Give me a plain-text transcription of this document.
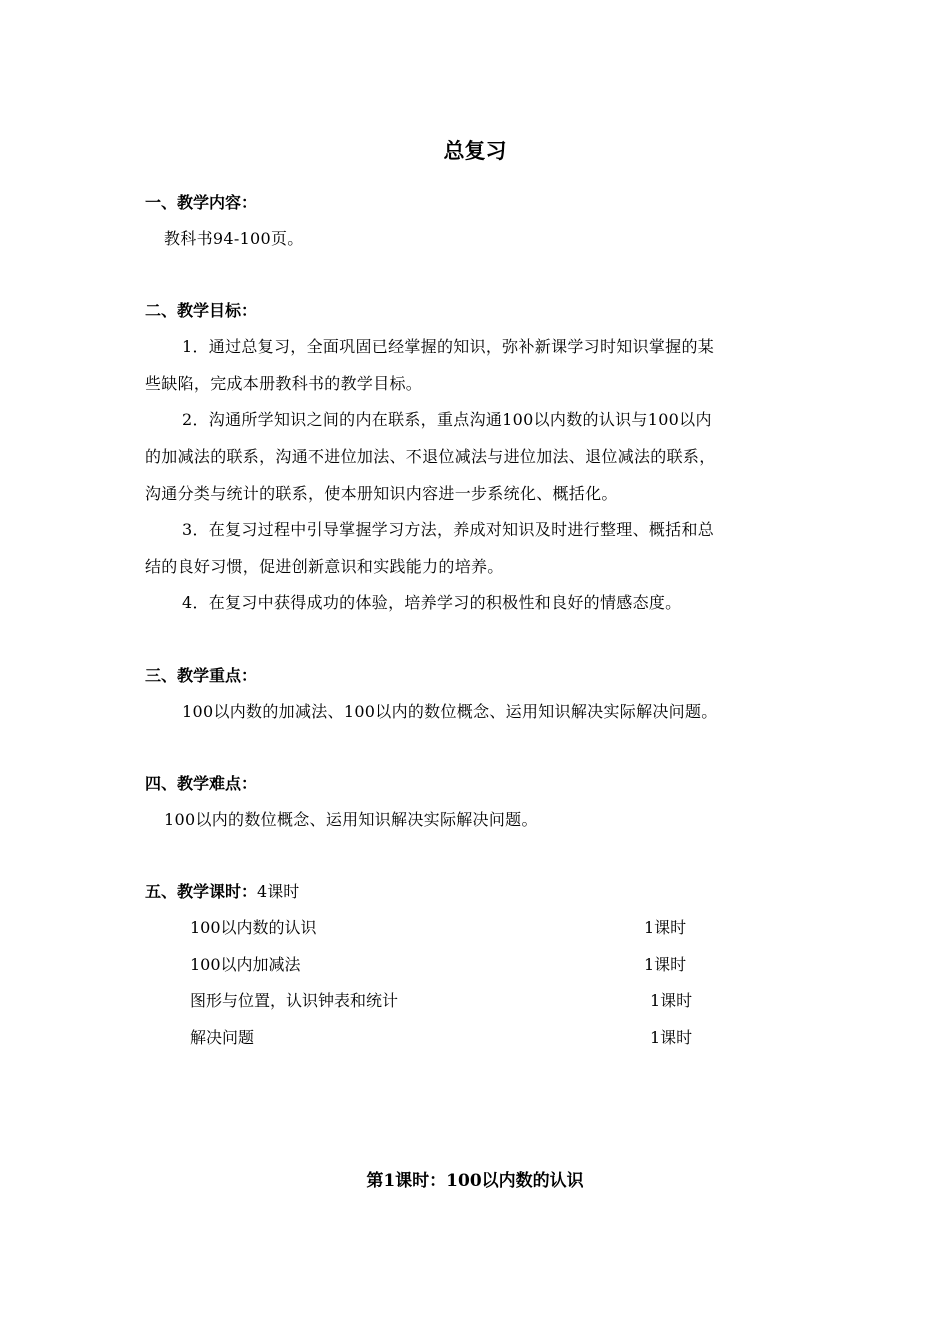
总复习
一、教学内容：
教科书94-100页。
二、教学目标：
1．通过总复习，全面巩固已经掌握的知识，弥补新课学习时知识掌握的某
些缺陷，完成本册教科书的教学目标。
2．沟通所学知识之间的内在联系，重点沟通100以内数的认识与100以内
的加减法的联系，沟通不进位加法、不退位减法与进位加法、退位减法的联系，
沟通分类与统计的联系，使本册知识内容进一步系统化、概括化。
3．在复习过程中引导掌握学习方法，养成对知识及时进行整理、概括和总
结的良好习惯，促进创新意识和实践能力的培养。
4．在复习中获得成功的体验，培养学习的积极性和良好的情感态度。
三、教学重点：
100以内数的加减法、100以内的数位概念、运用知识解决实际解决问题。
四、教学难点：
100以内的数位概念、运用知识解决实际解决问题。
五、教学课时：4课时
100以内数的认识	1课时
100以内加减法	1课时
图形与位置，认识钟表和统计	1课时
解决问题	1课时
第1课时：100以内数的认识
